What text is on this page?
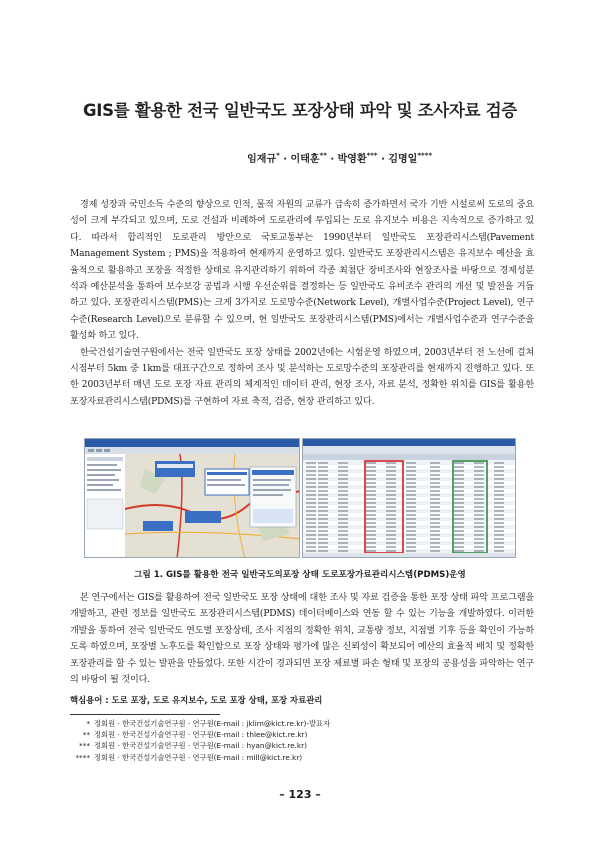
GIS를 활용한 전국 일반국도 포장상태 파악 및 조사자료 검증
임재규* · 이태훈** · 박영환*** · 김명일****

경제 성장과 국민소득 수준의 향상으로 인적, 물적 자원의 교류가 급속히 증가하면서 국가 기반 시설로써 도로의 중요성이 크게 부각되고 있으며, 도로 건설과 비례하여 도로관리에 투입되는 도로 유지보수 비용은 지속적으로 증가하고 있다. 따라서 합리적인 도로관리 방안으로 국토교통부는 1990년부터 일반국도 포장관리시스템(Pavement Management System ; PMS)을 적용하여 현재까지 운영하고 있다. 일반국도 포장관리시스템은 유지보수 예산을 효율적으로 활용하고 포장을 적정한 상태로 유지관리하기 위하여 각종 최첨단 장비조사와 현장조사를 바탕으로 경제성분석과 예산분석을 통하여 보수보강 공법과 시행 우선순위를 결정하는 등 일반국도 유비조수 관리의 개선 및 발전을 거듭하고 있다. 포장관리시스템(PMS)는 크게 3가지로 도로망수준(Network Level), 개별사업수준(Project Level), 연구수준(Research Level)으로 분류할 수 있으며, 현 일반국도 포장관리시스템(PMS)에서는 개별사업수준과 연구수준을 활성화 하고 있다.

한국건설기술연구원에서는 전국 일반국도 포장 상태를 2002년에는 시험운영 하였으며, 2003년부터 전 노선에 걸쳐 시점부터 5km 중 1km를 대표구간으로 정하여 조사 및 분석하는 도로망수준의 포장관리를 현재까지 진행하고 있다. 또한 2003년부터 매년 도로 포장 자료 관리의 체계적인 데이터 관리, 현장 조사, 자료 분석, 정확한 위치를 GIS를 활용한 포장자료관리시스템(PDMS)를 구현하여 자료 축적, 검증, 현장 관리하고 있다.

그림 1. GIS를 활용한 전국 일반국도의포장 상태 도로포장가료관리시스템(PDMS)운영

본 연구에서는 GIS를 활용하여 전국 일반국도 포장 상태에 대한 조사 및 자료 검증을 통한 포장 상태 파악 프로그램을 개발하고, 관련 정보를 일반국도 포장관리시스템(PDMS) 데이터베이스와 연동 할 수 있는 기능을 개발하였다. 이러한 개발을 통하여 전국 일반국도 연도별 포장상태, 조사 지점의 정확한 위치, 교통량 정보, 지점별 기후 등을 확인이 가능하도록 하였으며, 포장별 노후도를 확인함으로 포장 상태와 평가에 많은 신뢰성이 확보되어 예산의 효율적 배치 및 정확한 포장관리를 할 수 있는 발판을 만들었다. 또한 시간이 경과되면 포장 제료별 파손 형태 및 포장의 공용성을 파악하는 연구의 바탕이 될 것이다.

핵심용어 : 도로 포장, 도로 유지보수, 도로 포장 상태, 포장 자료관리
* 정회원 · 한국건설기술연구원 · 연구원(E-mail : jklim@kict.re.kr)-발표자
** 정회원 · 한국건설기술연구원 · 연구원(E-mail : thlee@kict.re.kr)
*** 정회원 · 한국건설기술연구원 · 연구원(E-mail : hyan@kict.re.kr)
**** 정회원 · 한국건설기술연구원 · 연구원(E-mail : mill@kict.re.kr)
– 123 –
